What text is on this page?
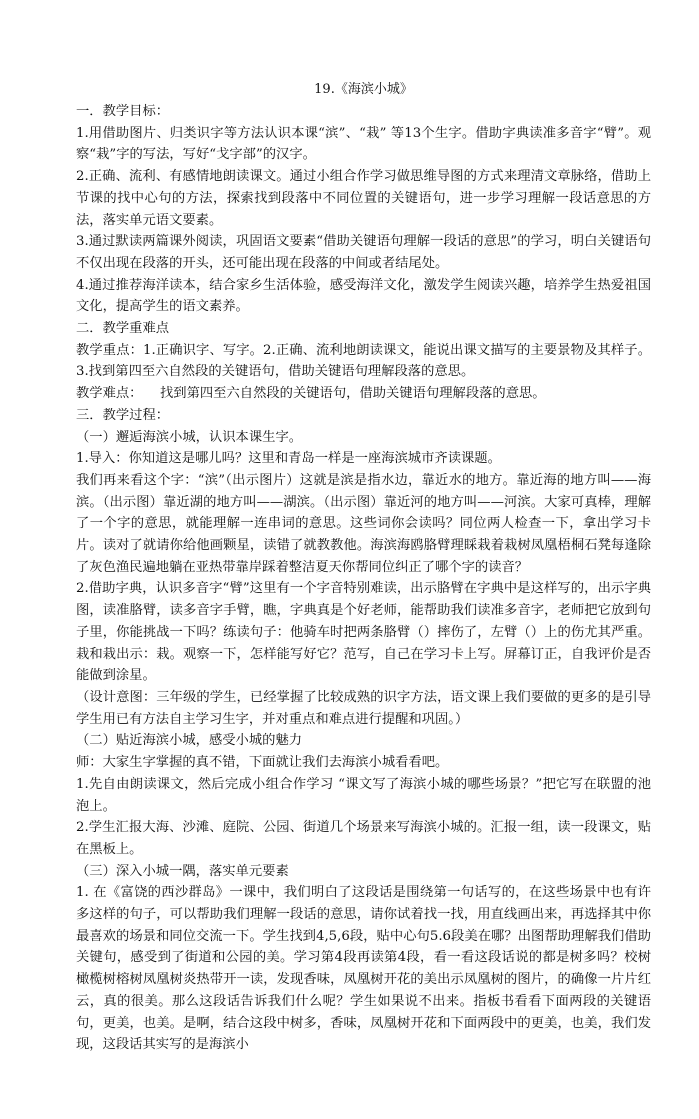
19.《海滨小城》

一．教学目标：

1.用借助图片、归类识字等方法认识本课“滨”、“栽” 等13个生字。借助字典读准多音字“臂”。观察“栽”字的写法，写好“戈字部”的汉字。

2.正确、流利、有感情地朗读课文。通过小组合作学习做思维导图的方式来理清文章脉络，借助上节课的找中心句的方法，探索找到段落中不同位置的关键语句，进一步学习理解一段话意思的方法，落实单元语文要素。

3.通过默读两篇课外阅读，巩固语文要素“借助关键语句理解一段话的意思”的学习，明白关键语句不仅出现在段落的开头，还可能出现在段落的中间或者结尾处。

4.通过推荐海洋读本，结合家乡生活体验，感受海洋文化，激发学生阅读兴趣，培养学生热爱祖国文化，提高学生的语文素养。

二．教学重难点

教学重点：1.正确识字、写字。2.正确、流利地朗读课文，能说出课文描写的主要景物及其样子。3.找到第四至六自然段的关键语句，借助关键语句理解段落的意思。

教学难点： 找到第四至六自然段的关键语句，借助关键语句理解段落的意思。

三．教学过程：

（一）邂逅海滨小城，认识本课生字。

1.导入：你知道这是哪儿吗？这里和青岛一样是一座海滨城市齐读课题。

我们再来看这个字：“滨”（出示图片）这就是滨是指水边，靠近水的地方。靠近海的地方叫——海滨。（出示图）靠近湖的地方叫——湖滨。（出示图）靠近河的地方叫——河滨。大家可真棒，理解了一个字的意思，就能理解一连串词的意思。这些词你会读吗？同位两人检查一下，拿出学习卡片。读对了就请你给他画颗星，读错了就教教他。海滨海鸥胳臂理睬栽着栽树凤凰梧桐石凳每逢除了灰色渔民遍地躺在亚热带靠岸踩着整洁夏天你帮同位纠正了哪个字的读音？

2.借助字典，认识多音字“臂”这里有一个字音特别难读，出示胳臂在字典中是这样写的，出示字典图，读准胳臂，读多音字手臂，瞧，字典真是个好老师，能帮助我们读准多音字，老师把它放到句子里，你能挑战一下吗？练读句子：他骑车时把两条胳臂（）摔伤了，左臂（）上的伤尤其严重。栽和栽出示：栽。观察一下，怎样能写好它？范写，自己在学习卡上写。屏幕订正，自我评价是否能做到涂星。

（设计意图：三年级的学生，已经掌握了比较成熟的识字方法，语文课上我们要做的更多的是引导学生用已有方法自主学习生字，并对重点和难点进行提醒和巩固。）

（二）贴近海滨小城，感受小城的魅力

师：大家生字掌握的真不错，下面就让我们去海滨小城看看吧。

1.先自由朗读课文，然后完成小组合作学习 “课文写了海滨小城的哪些场景？”把它写在联盟的池泡上。

2.学生汇报大海、沙滩、庭院、公园、街道几个场景来写海滨小城的。汇报一组，读一段课文，贴在黑板上。

（三）深入小城一隅，落实单元要素

1. 在《富饶的西沙群岛》一课中，我们明白了这段话是围绕第一句话写的，在这些场景中也有许多这样的句子，可以帮助我们理解一段话的意思，请你试着找一找，用直线画出来，再选择其中你最喜欢的场景和同位交流一下。学生找到4,5,6段，贴中心句5.6段美在哪？出图帮助理解我们借助关键句，感受到了街道和公园的美。学习第4段再读第4段，看一看这段话说的都是树多吗？校树橄榄树榕树凤凰树炎热带开一读，发现香味，凤凰树开花的美出示凤凰树的图片，的确像一片片红云，真的很美。那么这段话告诉我们什么呢？学生如果说不出来。指板书看看下面两段的关键语句，更美，也美。是啊，结合这段中树多，香味，凤凰树开花和下面两段中的更美，也美，我们发现，这段话其实写的是海滨小
